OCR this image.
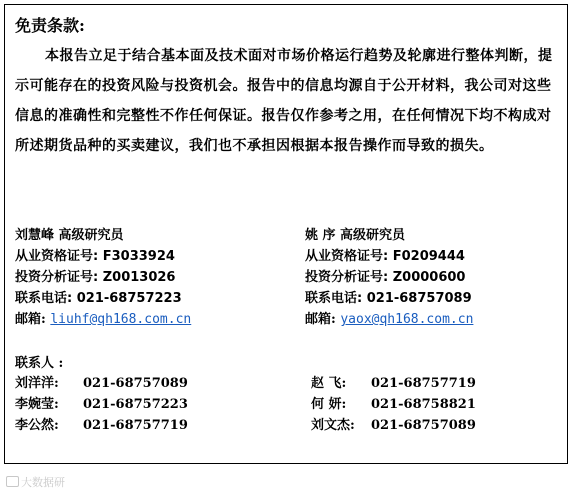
免责条款:
本报告立足于结合基本面及技术面对市场价格运行趋势及轮廓进行整体判断，提示可能存在的投资风险与投资机会。报告中的信息均源自于公开材料，我公司对这些信息的准确性和完整性不作任何保证。报告仅作参考之用，在任何情况下均不构成对所述期货品种的买卖建议，我们也不承担因根据本报告操作而导致的损失。
刘慧峰 高级研究员
从业资格证号: F3033924
投资分析证号: Z0013026
联系电话: 021-68757223
邮箱: liuhf@qh168.com.cn
姚 序 高级研究员
从业资格证号: F0209444
投资分析证号: Z0000600
联系电话: 021-68757089
邮箱: yaox@qh168.com.cn
联系人 :
刘洋洋: 021-68757089
李婉莹: 021-68757223
李公然: 021-68757719
赵 飞: 021-68757719
何 妍: 021-68758821
刘文杰: 021-68757089
大数据研
